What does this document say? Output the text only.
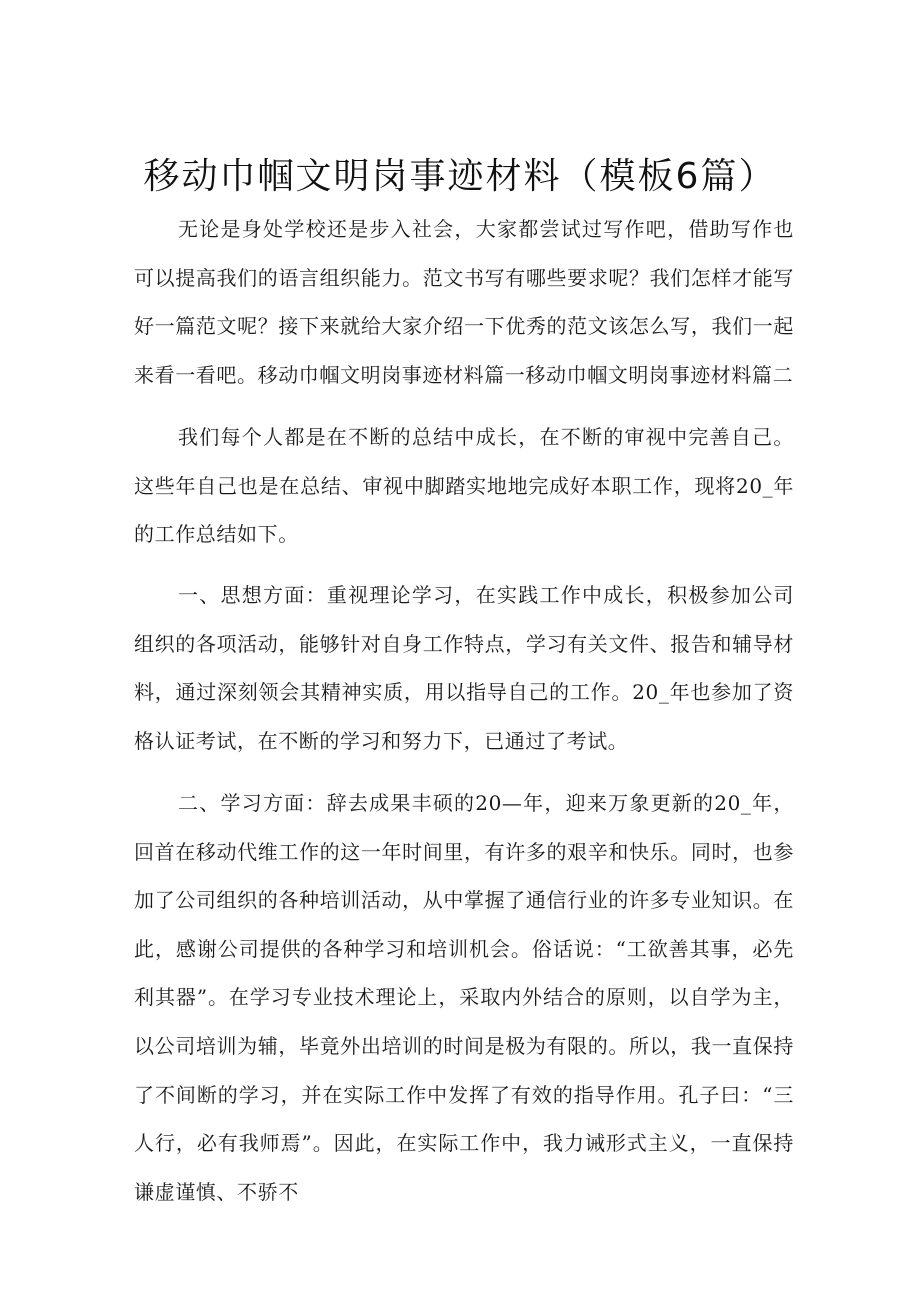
移动巾帼文明岗事迹材料（模板6篇）

无论是身处学校还是步入社会，大家都尝试过写作吧，借助写作也可以提高我们的语言组织能力。范文书写有哪些要求呢？我们怎样才能写好一篇范文呢？接下来就给大家介绍一下优秀的范文该怎么写，我们一起来看一看吧。移动巾帼文明岗事迹材料篇一移动巾帼文明岗事迹材料篇二

我们每个人都是在不断的总结中成长，在不断的审视中完善自己。这些年自己也是在总结、审视中脚踏实地地完成好本职工作，现将20_年的工作总结如下。

一、思想方面：重视理论学习，在实践工作中成长，积极参加公司组织的各项活动，能够针对自身工作特点，学习有关文件、报告和辅导材料，通过深刻领会其精神实质，用以指导自己的工作。20_年也参加了资格认证考试，在不断的学习和努力下，已通过了考试。

二、学习方面：辞去成果丰硕的20—年，迎来万象更新的20_年，回首在移动代维工作的这一年时间里，有许多的艰辛和快乐。同时，也参加了公司组织的各种培训活动，从中掌握了通信行业的许多专业知识。在此，感谢公司提供的各种学习和培训机会。俗话说：“工欲善其事，必先利其器”。在学习专业技术理论上，采取内外结合的原则，以自学为主，以公司培训为辅，毕竟外出培训的时间是极为有限的。所以，我一直保持了不间断的学习，并在实际工作中发挥了有效的指导作用。孔子曰：“三人行，必有我师焉”。因此，在实际工作中，我力诫形式主义，一直保持谦虚谨慎、不骄不
